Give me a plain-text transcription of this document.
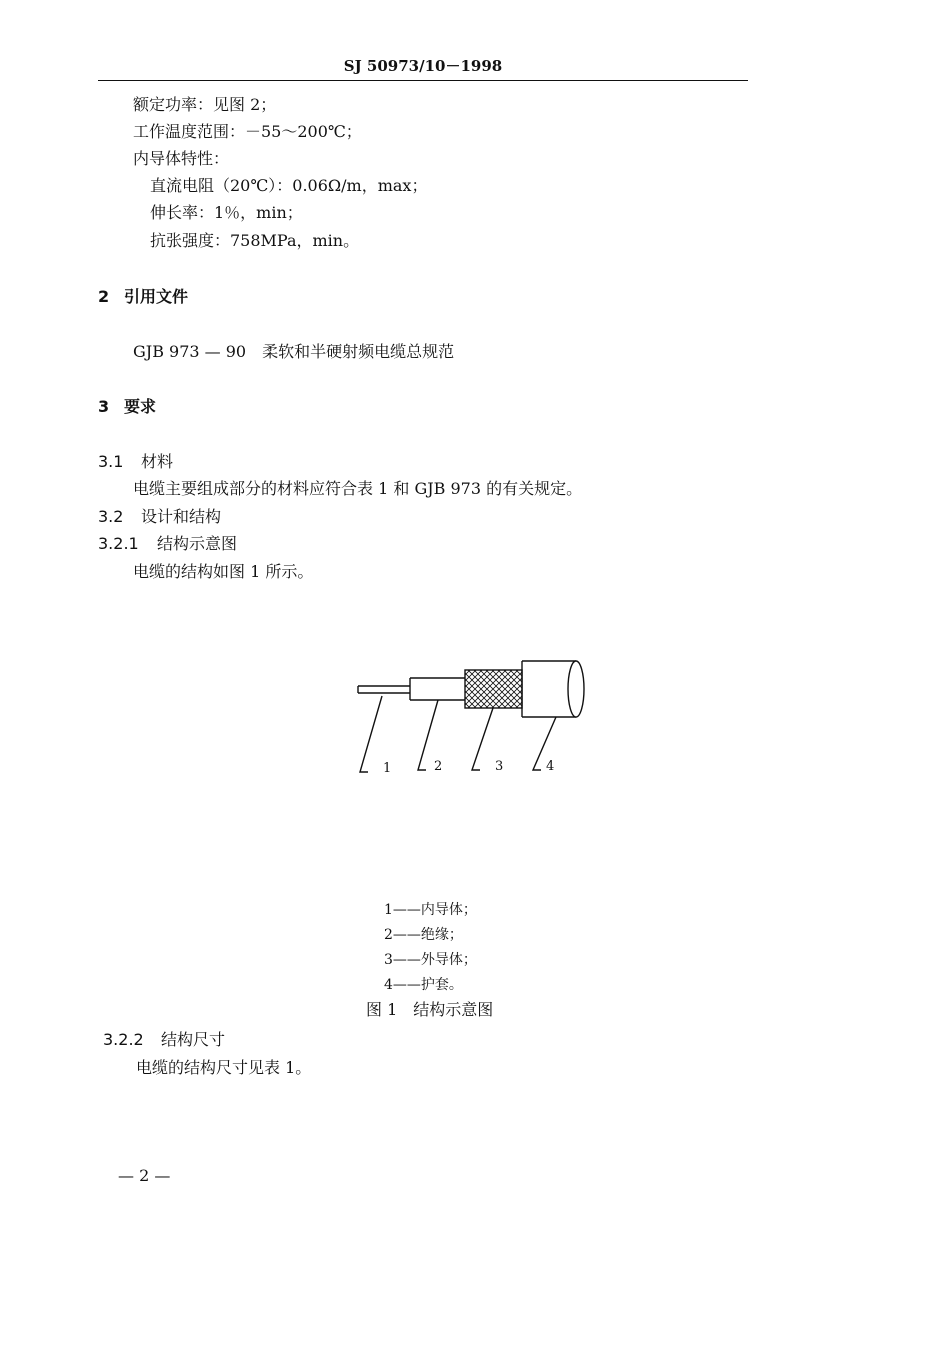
SJ 50973/10－1998
额定功率：见图 2；
工作温度范围：－55～200℃；
内导体特性：
直流电阻（20℃）：0.06Ω/m，max；
伸长率：1％，min；
抗张强度：758MPa，min。
2 引用文件
GJB 973 — 90　柔软和半硬射频电缆总规范
3 要求
3.1 材料
电缆主要组成部分的材料应符合表 1 和 GJB 973 的有关规定。
3.2 设计和结构
3.2.1 结构示意图
电缆的结构如图 1 所示。
1	2	3	4
1——内导体；
2——绝缘；
3——外导体；
4——护套。
图 1　结构示意图
3.2.2 结构尺寸
电缆的结构尺寸见表 1。
— 2 —
